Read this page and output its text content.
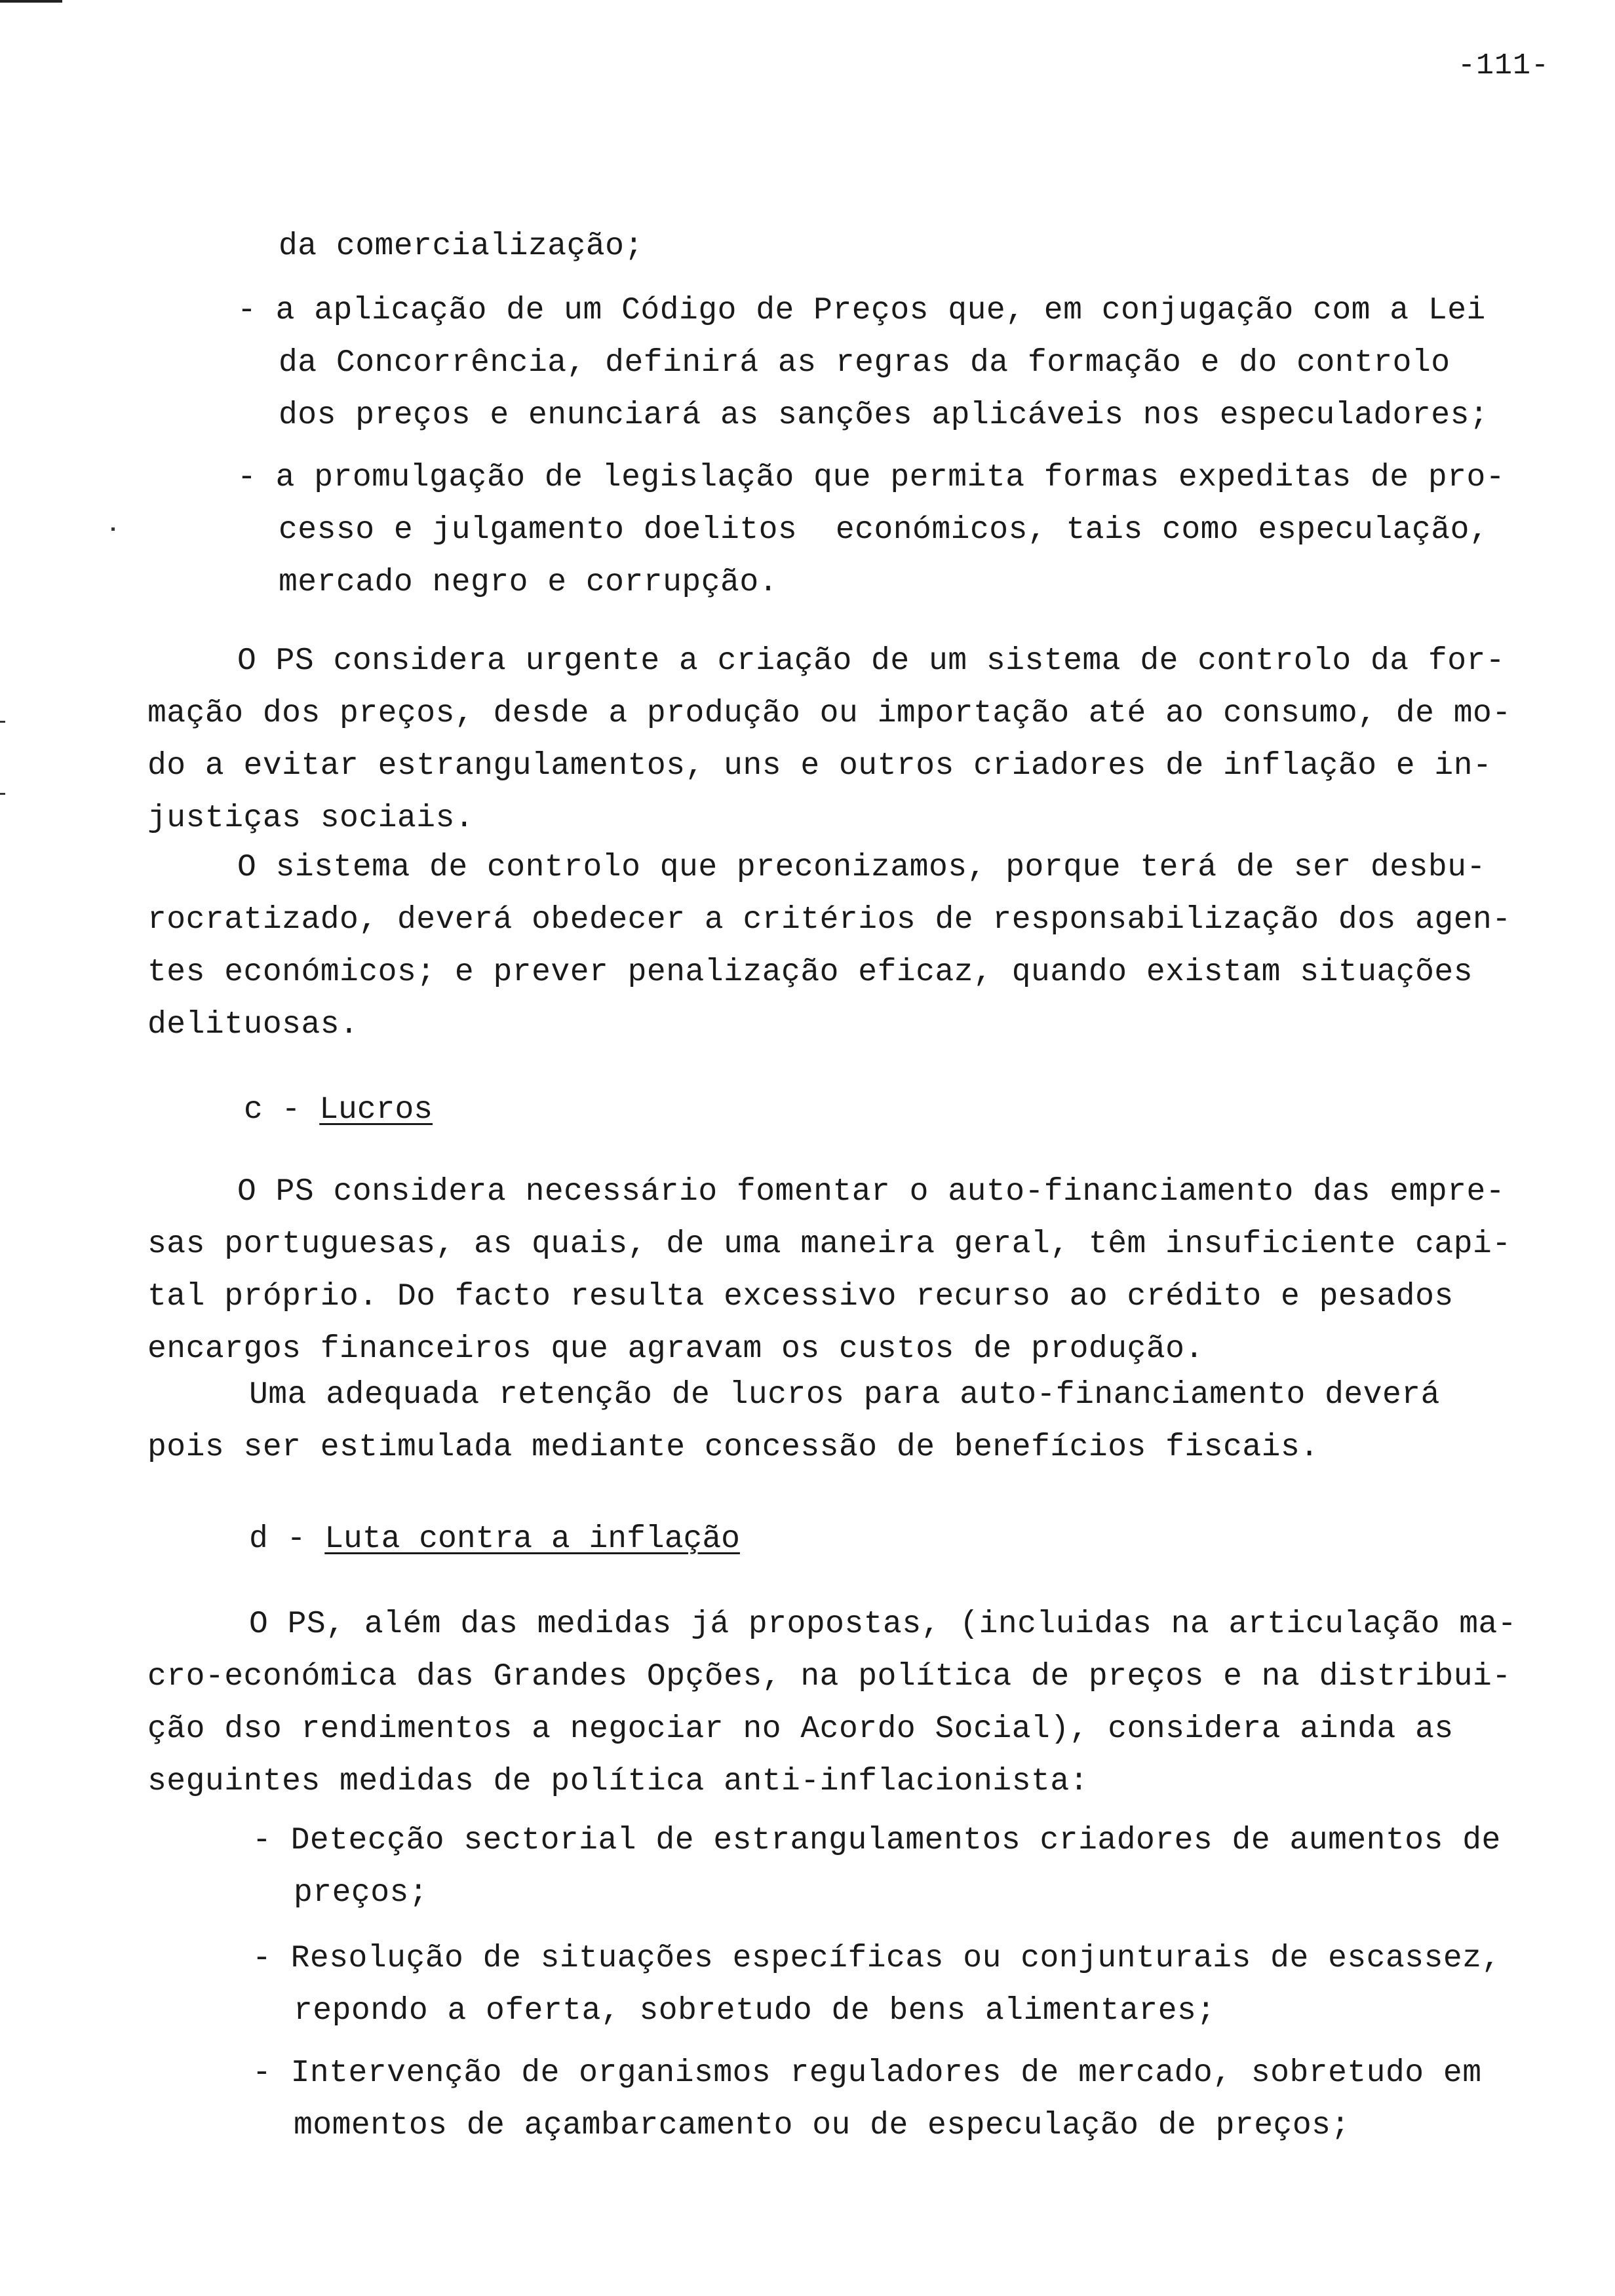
-111-
da comercialização;
- a aplicação de um Código de Preços que, em conjugação com a Lei
da Concorrência, definirá as regras da formação e do controlo
dos preços e enunciará as sanções aplicáveis nos especuladores;
- a promulgação de legislação que permita formas expeditas de pro-
cesso e julgamento doelitos  económicos, tais como especulação,
mercado negro e corrupção.
O PS considera urgente a criação de um sistema de controlo da for-
mação dos preços, desde a produção ou importação até ao consumo, de mo-
do a evitar estrangulamentos, uns e outros criadores de inflação e in-
justiças sociais.
O sistema de controlo que preconizamos, porque terá de ser desbu-
rocratizado, deverá obedecer a critérios de responsabilização dos agen-
tes económicos; e prever penalização eficaz, quando existam situações
delituosas.
O PS considera necessário fomentar o auto-financiamento das empre-
sas portuguesas, as quais, de uma maneira geral, têm insuficiente capi-
tal próprio. Do facto resulta excessivo recurso ao crédito e pesados
encargos financeiros que agravam os custos de produção.
Uma adequada retenção de lucros para auto-financiamento deverá
pois ser estimulada mediante concessão de benefícios fiscais.
O PS, além das medidas já propostas, (incluidas na articulação ma-
cro-económica das Grandes Opções, na política de preços e na distribui-
ção dso rendimentos a negociar no Acordo Social), considera ainda as
seguintes medidas de política anti-inflacionista:
- Detecção sectorial de estrangulamentos criadores de aumentos de
preços;
- Resolução de situações específicas ou conjunturais de escassez,
repondo a oferta, sobretudo de bens alimentares;
- Intervenção de organismos reguladores de mercado, sobretudo em
momentos de açambarcamento ou de especulação de preços;
c - Lucros
d - Luta contra a inflação
